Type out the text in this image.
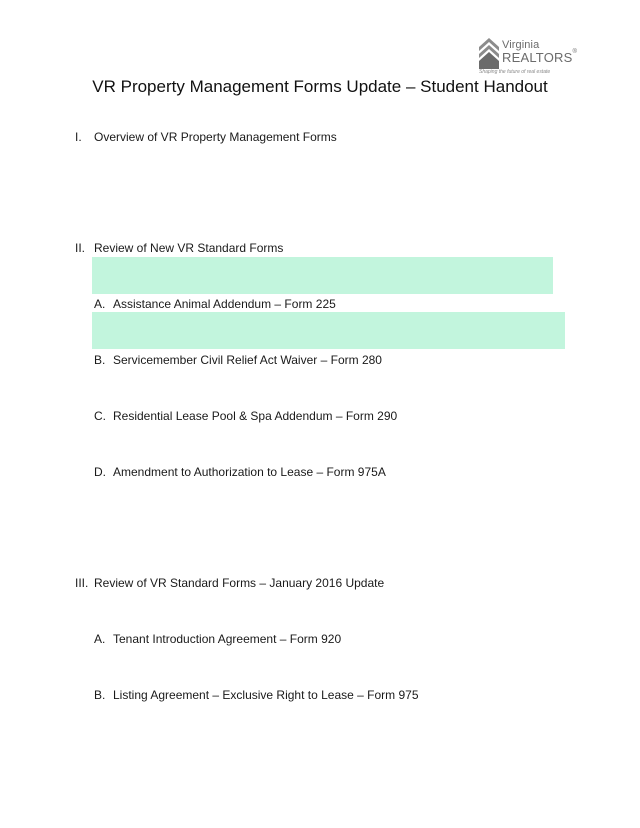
Virginia
REALTORS®
Shaping the future of real estate
VR Property Management Forms Update – Student Handout
I. Overview of VR Property Management Forms
II. Review of New VR Standard Forms
A. Assistance Animal Addendum – Form 225
B. Servicemember Civil Relief Act Waiver – Form 280
C. Residential Lease Pool & Spa Addendum – Form 290
D. Amendment to Authorization to Lease – Form 975A
III. Review of VR Standard Forms – January 2016 Update
A. Tenant Introduction Agreement – Form 920
B. Listing Agreement – Exclusive Right to Lease – Form 975
